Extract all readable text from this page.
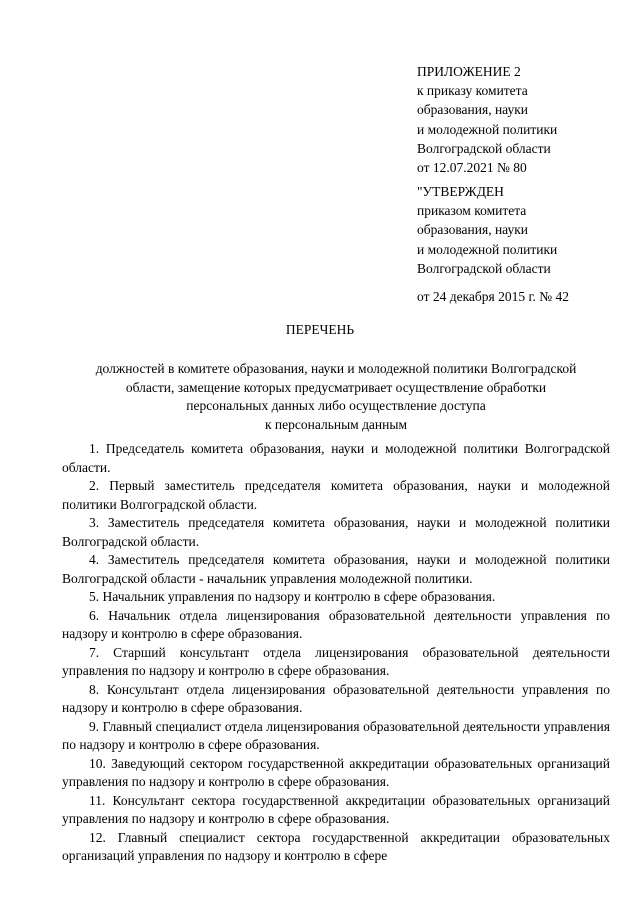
ПРИЛОЖЕНИЕ 2
к приказу комитета
образования, науки
и молодежной политики
Волгоградской области
от 12.07.2021 № 80
"УТВЕРЖДЕН
приказом комитета
образования, науки
и молодежной политики
Волгоградской области
от 24 декабря 2015 г. № 42
ПЕРЕЧЕНЬ
должностей в комитете образования, науки и молодежной политики Волгоградской
области, замещение которых предусматривает осуществление обработки
персональных данных либо осуществление доступа
к персональным данным

1. Председатель комитета образования, науки и молодежной политики Волгоградской области.

2. Первый заместитель председателя комитета образования, науки и молодежной политики Волгоградской области.

3. Заместитель председателя комитета образования, науки и молодежной политики Волгоградской области.

4. Заместитель председателя комитета образования, науки и молодежной политики Волгоградской области - начальник управления молодежной политики.

5. Начальник управления по надзору и контролю в сфере образования.

6. Начальник отдела лицензирования образовательной деятельности управления по надзору и контролю в сфере образования.

7. Старший консультант отдела лицензирования образовательной деятельности управления по надзору и контролю в сфере образования.

8. Консультант отдела лицензирования образовательной деятельности управления по надзору и контролю в сфере образования.

9. Главный специалист отдела лицензирования образовательной деятельности управления по надзору и контролю в сфере образования.

10. Заведующий сектором государственной аккредитации образовательных организаций управления по надзору и контролю в сфере образования.

11. Консультант сектора государственной аккредитации образовательных организаций управления по надзору и контролю в сфере образования.

12. Главный специалист сектора государственной аккредитации образовательных организаций управления по надзору и контролю в сфере
